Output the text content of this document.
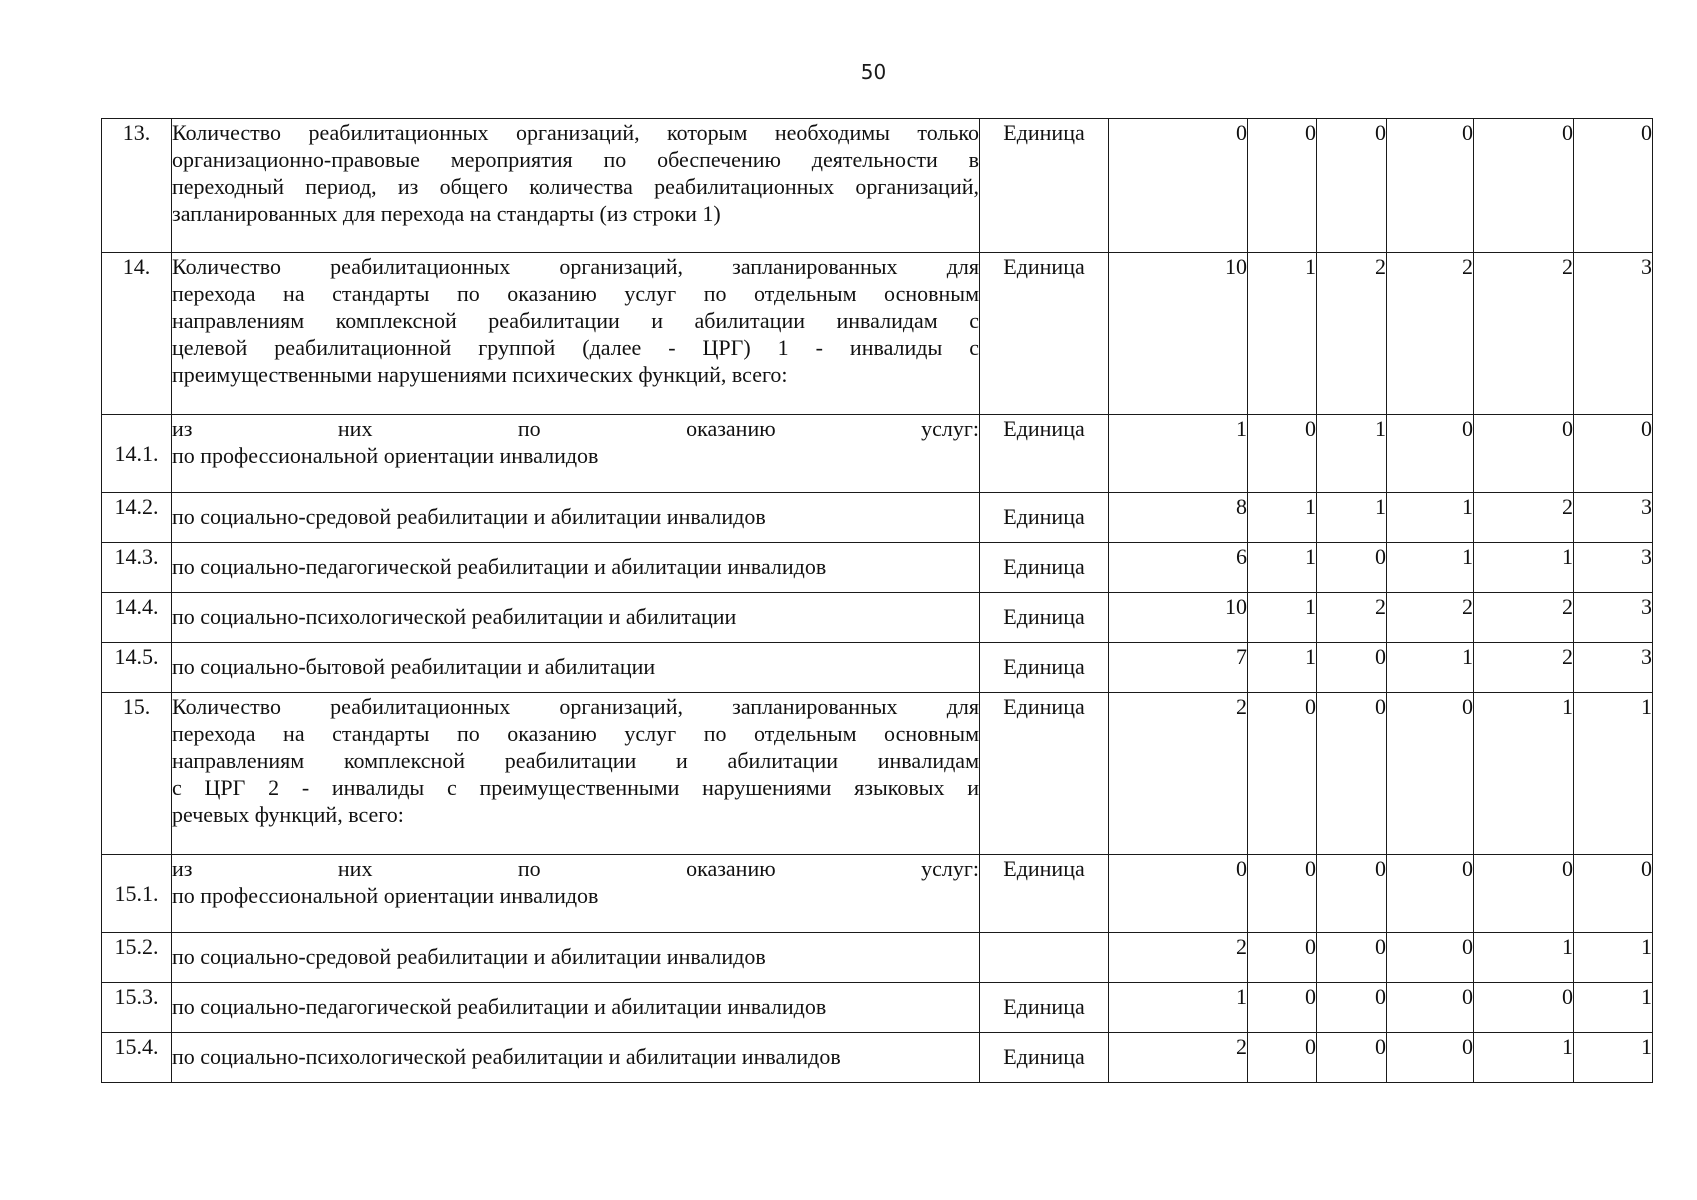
50
13.	Количество реабилитационных организаций, которым необходимы только
организационно-правовые мероприятия по обеспечению деятельности в
переходный период, из общего количества реабилитационных организаций,
запланированных для перехода на стандарты (из строки 1)	Единица	0	0	0	0	0	0
14.	Количество реабилитационных организаций, запланированных для
перехода на стандарты по оказанию услуг по отдельным основным
направлениям комплексной реабилитации и абилитации инвалидам с
целевой реабилитационной группой (далее - ЦРГ) 1 - инвалиды с
преимущественными нарушениями психических функций, всего:	Единица	10	1	2	2	2	3
14.1.	из них по оказанию услуг:
по профессиональной ориентации инвалидов	Единица	1	0	1	0	0	0
14.2.	по социально-средовой реабилитации и абилитации инвалидов	Единица	8	1	1	1	2	3
14.3.	по социально-педагогической реабилитации и абилитации инвалидов	Единица	6	1	0	1	1	3
14.4.	по социально-психологической реабилитации и абилитации	Единица	10	1	2	2	2	3
14.5.	по социально-бытовой реабилитации и абилитации	Единица	7	1	0	1	2	3
15.	Количество реабилитационных организаций, запланированных для
перехода на стандарты по оказанию услуг по отдельным основным
направлениям комплексной реабилитации и абилитации инвалидам
с ЦРГ 2 - инвалиды с преимущественными нарушениями языковых и
речевых функций, всего:	Единица	2	0	0	0	1	1
15.1.	из них по оказанию услуг:
по профессиональной ориентации инвалидов	Единица	0	0	0	0	0	0
15.2.	по социально-средовой реабилитации и абилитации инвалидов		2	0	0	0	1	1
15.3.	по социально-педагогической реабилитации и абилитации инвалидов	Единица	1	0	0	0	0	1
15.4.	по социально-психологической реабилитации и абилитации инвалидов	Единица	2	0	0	0	1	1
